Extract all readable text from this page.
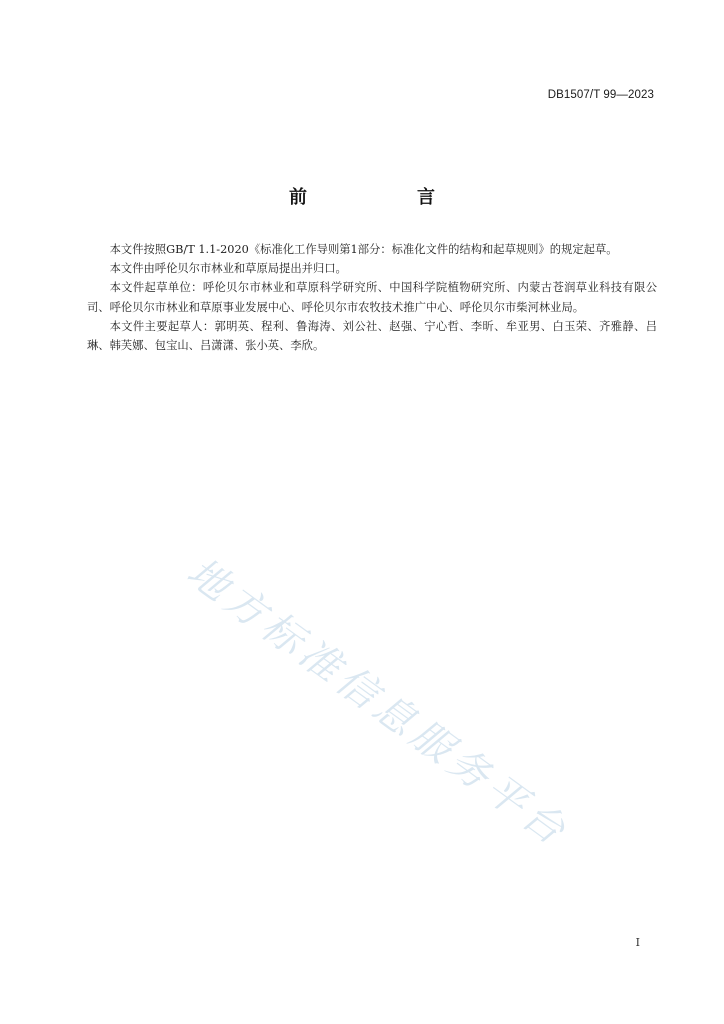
DB1507/T 99—2023
前　言

本文件按照GB/T 1.1-2020《标准化工作导则第1部分：标准化文件的结构和起草规则》的规定起草。

本文件由呼伦贝尔市林业和草原局提出并归口。

本文件起草单位：呼伦贝尔市林业和草原科学研究所、中国科学院植物研究所、内蒙古苍润草业科技有限公司、呼伦贝尔市林业和草原事业发展中心、呼伦贝尔市农牧技术推广中心、呼伦贝尔市柴河林业局。

本文件主要起草人：郭明英、程利、鲁海涛、刘公社、赵强、宁心哲、李昕、牟亚男、白玉荣、齐雅静、吕琳、韩芙娜、包宝山、吕潇潇、张小英、李欣。

地方标准信息服务平台
I
